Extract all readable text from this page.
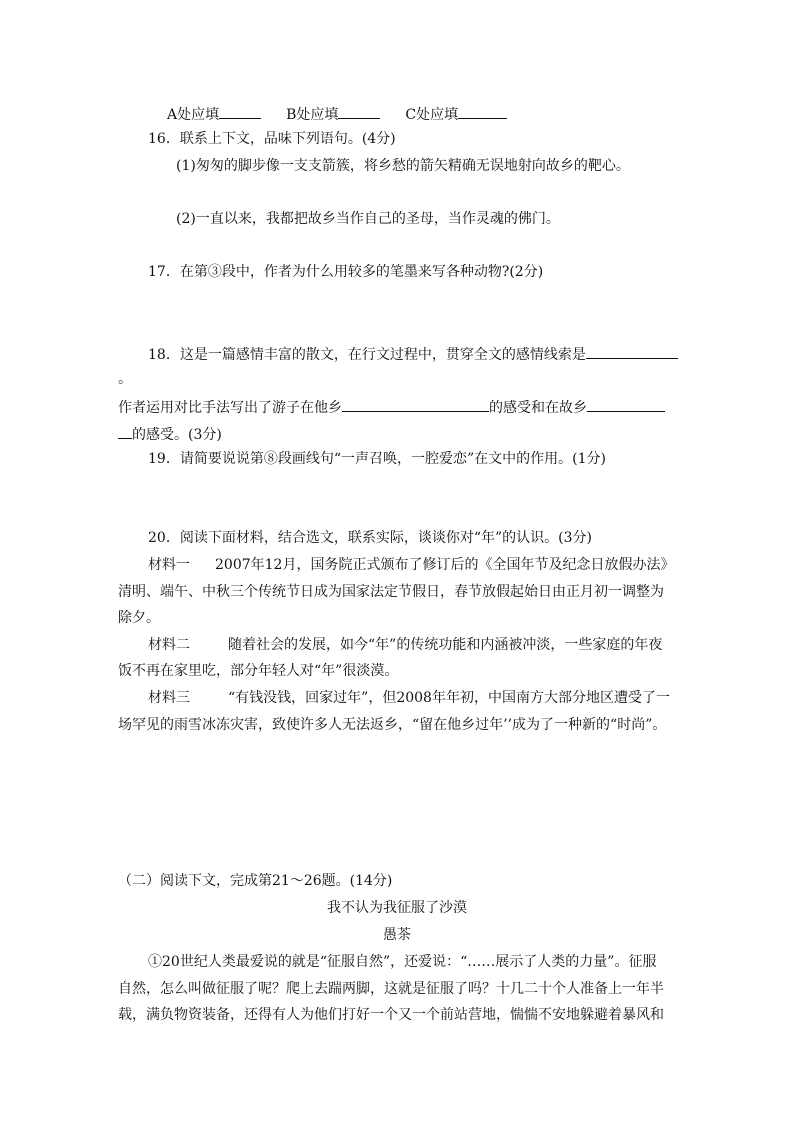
A处应填	B处应填	C处应填
16．联系上下文，品味下列语句。(4分)
(1)匆匆的脚步像一支支箭簇，将乡愁的箭矢精确无误地射向故乡的靶心。
(2)一直以来，我都把故乡当作自己的圣母，当作灵魂的佛门。
17．在第③段中，作者为什么用较多的笔墨来写各种动物?(2分)
18．这是一篇感情丰富的散文，在行文过程中，贯穿全文的感情线索是
。
作者运用对比手法写出了游子在他乡	的感受和在故乡
的感受。(3分)
19．请简要说说第⑧段画线句“一声召唤，一腔爱恋”在文中的作用。(1分)
20．阅读下面材料，结合选文，联系实际，谈谈你对“年”的认识。(3分)
材料一 2007年12月，国务院正式颁布了修订后的《全国年节及纪念日放假办法》
清明、端午、中秋三个传统节日成为国家法定节假日，春节放假起始日由正月初一调整为
除夕。
材料二	随着社会的发展，如今“年”的传统功能和内涵被冲淡，一些家庭的年夜
饭不再在家里吃，部分年轻人对“年”很淡漠。
材料三	“有钱没钱，回家过年”，但2008年年初，中国南方大部分地区遭受了一
场罕见的雨雪冰冻灾害，致使许多人无法返乡，“留在他乡过年’’成为了一种新的“时尚”。
（二）阅读下文，完成第21～26题。(14分)
我不认为我征服了沙漠
愚茶
①20世纪人类最爱说的就是“征服自然”，还爱说：“……展示了人类的力量”。征服
自然，怎么叫做征服了呢？爬上去踹两脚，这就是征服了吗？十几二十个人准备上一年半
载，满负物资装备，还得有人为他们打好一个又一个前站营地，惴惴不安地躲避着暴风和
